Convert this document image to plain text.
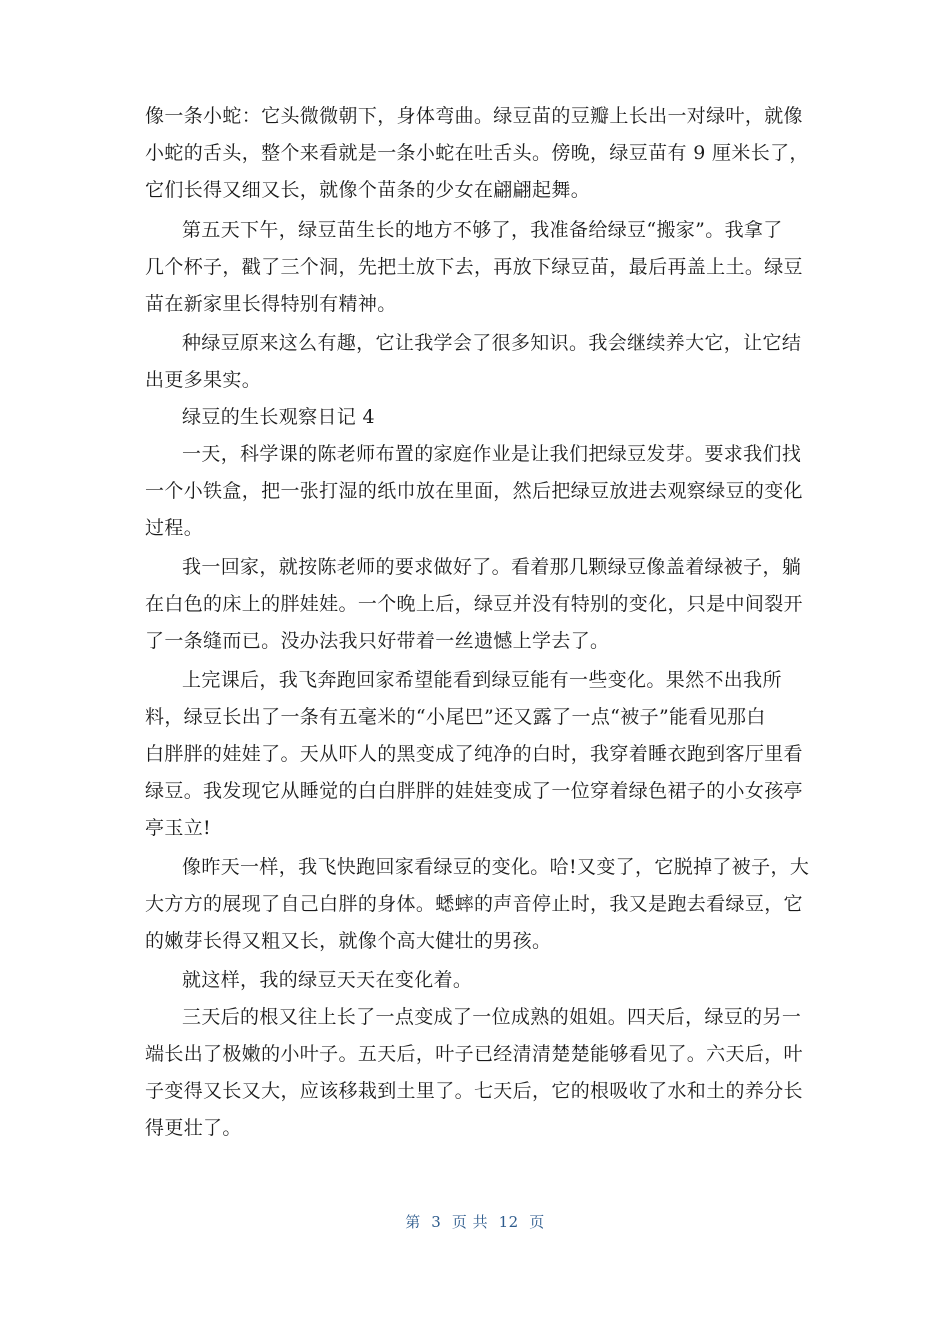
像一条小蛇：它头微微朝下，身体弯曲。绿豆苗的豆瓣上长出一对绿叶，就像
小蛇的舌头，整个来看就是一条小蛇在吐舌头。傍晚，绿豆苗有 9 厘米长了，
它们长得又细又长，就像个苗条的少女在翩翩起舞。
第五天下午，绿豆苗生长的地方不够了，我准备给绿豆“搬家”。我拿了
几个杯子，戳了三个洞，先把土放下去，再放下绿豆苗，最后再盖上土。绿豆
苗在新家里长得特别有精神。
种绿豆原来这么有趣，它让我学会了很多知识。我会继续养大它，让它结
出更多果实。
绿豆的生长观察日记 4
一天，科学课的陈老师布置的家庭作业是让我们把绿豆发芽。要求我们找
一个小铁盒，把一张打湿的纸巾放在里面，然后把绿豆放进去观察绿豆的变化
过程。
我一回家，就按陈老师的要求做好了。看着那几颗绿豆像盖着绿被子，躺
在白色的床上的胖娃娃。一个晚上后，绿豆并没有特别的变化，只是中间裂开
了一条缝而已。没办法我只好带着一丝遗憾上学去了。
上完课后，我飞奔跑回家希望能看到绿豆能有一些变化。果然不出我所
料，绿豆长出了一条有五毫米的“小尾巴”还又露了一点“被子”能看见那白
白胖胖的娃娃了。天从吓人的黑变成了纯净的白时，我穿着睡衣跑到客厅里看
绿豆。我发现它从睡觉的白白胖胖的娃娃变成了一位穿着绿色裙子的小女孩亭
亭玉立!
像昨天一样，我飞快跑回家看绿豆的变化。哈!又变了，它脱掉了被子，大
大方方的展现了自己白胖的身体。蟋蟀的声音停止时，我又是跑去看绿豆，它
的嫩芽长得又粗又长，就像个高大健壮的男孩。
就这样，我的绿豆天天在变化着。
三天后的根又往上长了一点变成了一位成熟的姐姐。四天后，绿豆的另一
端长出了极嫩的小叶子。五天后，叶子已经清清楚楚能够看见了。六天后，叶
子变得又长又大，应该移栽到土里了。七天后，它的根吸收了水和土的养分长
得更壮了。
第  3  页 共  12  页
